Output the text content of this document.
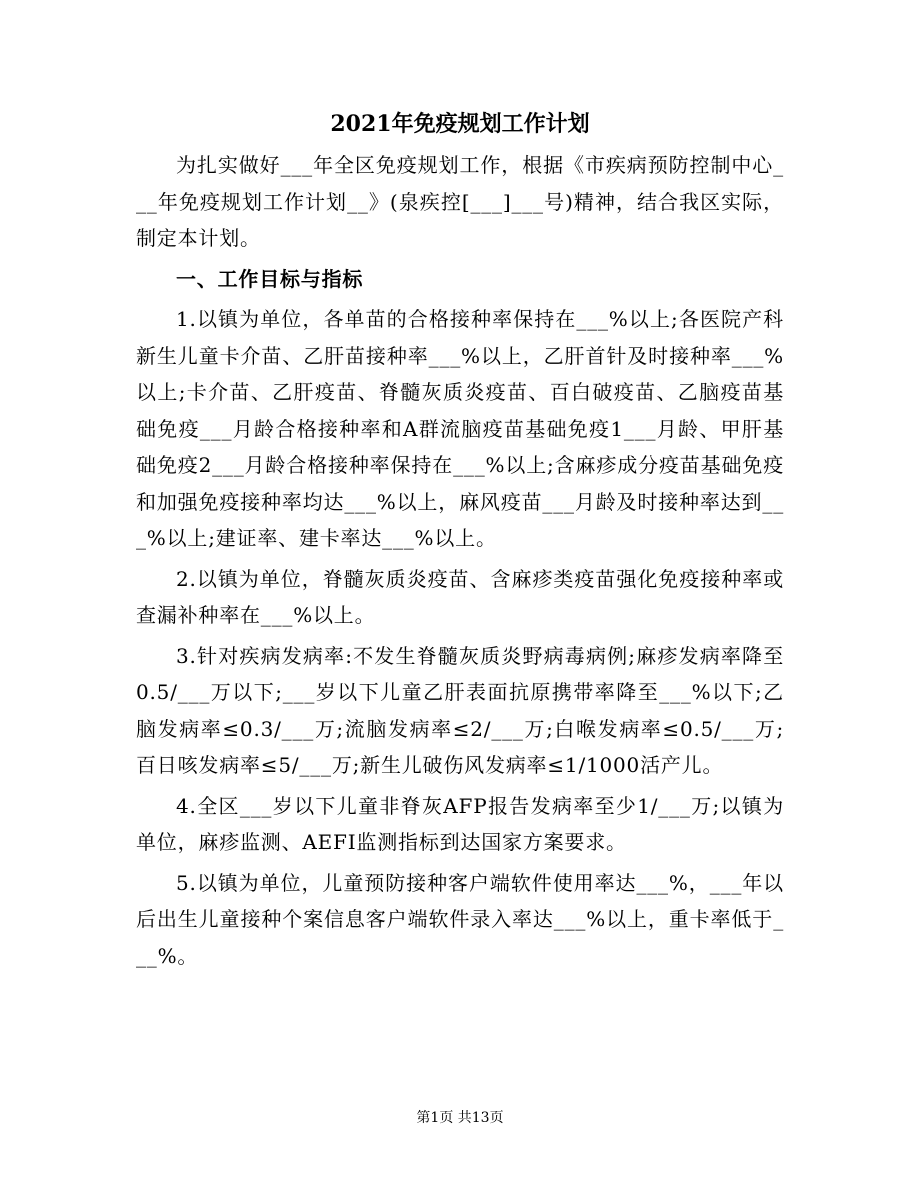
2021年免疫规划工作计划

为扎实做好___年全区免疫规划工作，根据《市疾病预防控制中心___年免疫规划工作计划__》(泉疾控[___]___号)精神，结合我区实际，制定本计划。

一、工作目标与指标

1.以镇为单位，各单苗的合格接种率保持在___%以上;各医院产科新生儿童卡介苗、乙肝苗接种率___%以上，乙肝首针及时接种率___%以上;卡介苗、乙肝疫苗、脊髓灰质炎疫苗、百白破疫苗、乙脑疫苗基础免疫___月龄合格接种率和A群流脑疫苗基础免疫1___月龄、甲肝基础免疫2___月龄合格接种率保持在___%以上;含麻疹成分疫苗基础免疫和加强免疫接种率均达___%以上，麻风疫苗___月龄及时接种率达到___%以上;建证率、建卡率达___%以上。

2.以镇为单位，脊髓灰质炎疫苗、含麻疹类疫苗强化免疫接种率或查漏补种率在___%以上。

3.针对疾病发病率:不发生脊髓灰质炎野病毒病例;麻疹发病率降至0.5/___万以下;___岁以下儿童乙肝表面抗原携带率降至___%以下;乙脑发病率≤0.3/___万;流脑发病率≤2/___万;白喉发病率≤0.5/___万;百日咳发病率≤5/___万;新生儿破伤风发病率≤1/1000活产儿。

4.全区___岁以下儿童非脊灰AFP报告发病率至少1/___万;以镇为单位，麻疹监测、AEFI监测指标到达国家方案要求。

5.以镇为单位，儿童预防接种客户端软件使用率达___%，___年以后出生儿童接种个案信息客户端软件录入率达___%以上，重卡率低于___%。

第1页 共13页
